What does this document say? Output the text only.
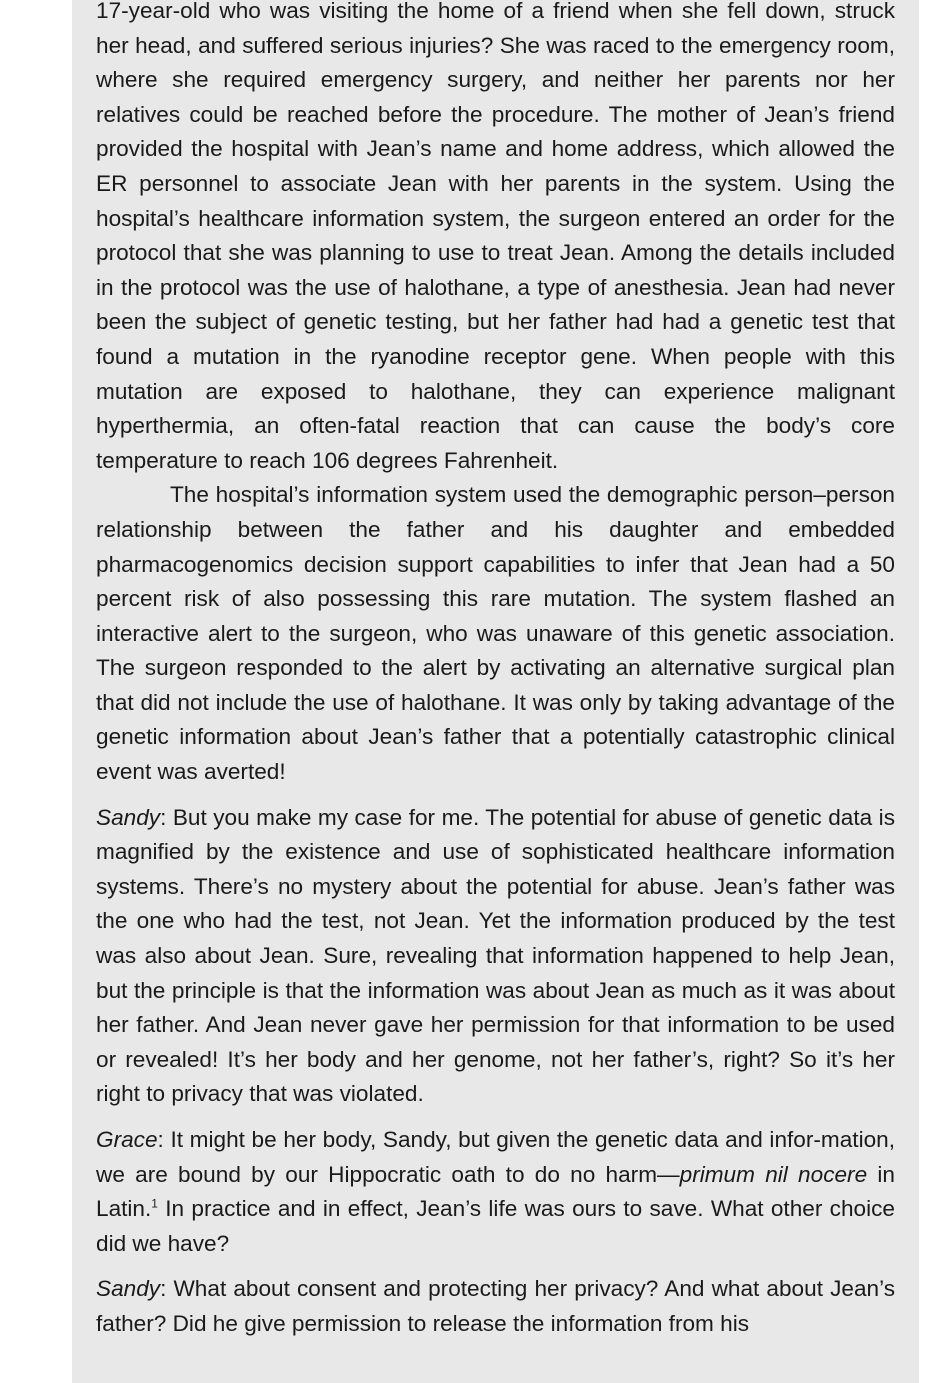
17-year-old who was visiting the home of a friend when she fell down, struck her head, and suffered serious injuries? She was raced to the emergency room, where she required emergency surgery, and neither her parents nor her relatives could be reached before the procedure. The mother of Jean’s friend provided the hospital with Jean’s name and home address, which allowed the ER personnel to associate Jean with her parents in the system. Using the hospital’s healthcare information system, the surgeon entered an order for the protocol that she was planning to use to treat Jean. Among the details included in the protocol was the use of halothane, a type of anesthesia. Jean had never been the subject of genetic testing, but her father had had a genetic test that found a mutation in the ryanodine receptor gene. When people with this mutation are exposed to halothane, they can experience malignant hyperthermia, an often-fatal reaction that can cause the body’s core temperature to reach 106 degrees Fahrenheit.

The hospital’s information system used the demographic person–person relationship between the father and his daughter and embedded pharmacogenomics decision support capabilities to infer that Jean had a 50 percent risk of also possessing this rare mutation. The system flashed an interactive alert to the surgeon, who was unaware of this genetic association. The surgeon responded to the alert by activating an alternative surgical plan that did not include the use of halothane. It was only by taking advantage of the genetic information about Jean’s father that a potentially catastrophic clinical event was averted!

Sandy: But you make my case for me. The potential for abuse of genetic data is magnified by the existence and use of sophisticated healthcare information systems. There’s no mystery about the potential for abuse. Jean’s father was the one who had the test, not Jean. Yet the information produced by the test was also about Jean. Sure, revealing that information happened to help Jean, but the principle is that the information was about Jean as much as it was about her father. And Jean never gave her permission for that information to be used or revealed! It’s her body and her genome, not her father’s, right? So it’s her right to privacy that was violated.

Grace: It might be her body, Sandy, but given the genetic data and infor-mation, we are bound by our Hippocratic oath to do no harm—primum nil nocere in Latin.$^1$ In practice and in effect, Jean’s life was ours to save. What other choice did we have?

Sandy: What about consent and protecting her privacy? And what about Jean’s father? Did he give permission to release the information from his
